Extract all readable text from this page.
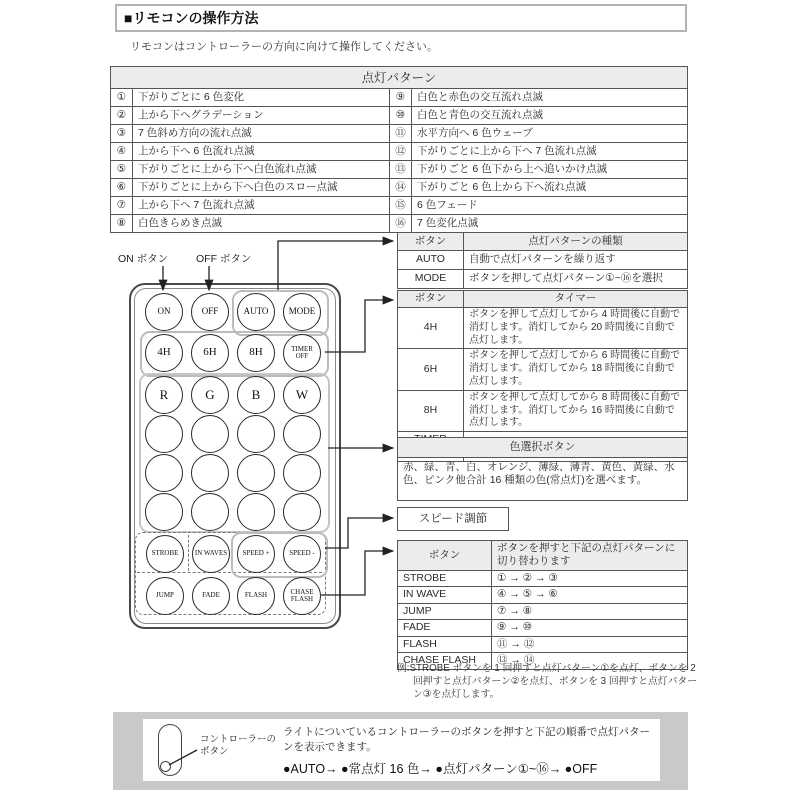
■リモコンの操作方法
リモコンはコントローラーの方向に向けて操作してください。
点灯パターン			
①	下がりごとに 6 色変化	⑨	白色と赤色の交互流れ点滅
②	上から下へグラデーション	⑩	白色と青色の交互流れ点滅
③	7 色斜め方向の流れ点滅	⑪	水平方向へ 6 色ウェーブ
④	上から下へ 6 色流れ点滅	⑫	下がりごとに上から下へ 7 色流れ点滅
⑤	下がりごとに上から下へ白色流れ点滅	⑬	下がりごと 6 色下から上へ追いかけ点滅
⑥	下がりごとに上から下へ白色のスロー点滅	⑭	下がりごと 6 色上から下へ流れ点滅
⑦	上から下へ 7 色流れ点滅	⑮	6 色フェード
⑧	白色きらめき点滅	⑯	7 色変化点滅
ON ボタン	OFF ボタン
ON	OFF	AUTO	MODE
4H	6H	8H	TIMER OFF
R	G	B	W
STROBE	IN WAVES	SPEED +	SPEED -
JUMP	FADE	FLASH	CHASE FLASH
ボタン	点灯パターンの種類
AUTO	自動で点灯パターンを繰り返す
MODE	ボタンを押して点灯パターン①~⑯を選択
ボタン	タイマー
4H	ボタンを押して点灯してから 4 時間後に自動で消灯します。消灯してから 20 時間後に自動で点灯します。
6H	ボタンを押して点灯してから 6 時間後に自動で消灯します。消灯してから 18 時間後に自動で点灯します。
8H	ボタンを押して点灯してから 8 時間後に自動で消灯します。消灯してから 16 時間後に自動で点灯します。

色選択ボタン
赤、緑、青、白、オレンジ、薄緑、薄青、黄色、黄緑、水色、ピンク他合計 16 種類の色(常点灯)を選べます。
スピード調節
ボタン	ボタンを押すと下記の点灯パターンに切り替わります
STROBE	① → ② → ③
IN WAVE	④ → ⑤ → ⑥
JUMP	⑦ → ⑧
FADE	⑨ → ⑩
FLASH	⑪ → ⑫
CHASE FLASH	⑬ → ⑭
例:STROBE ボタンを 1 回押すと点灯パターン①を点灯、ボタンを 2 回押すと点灯パターン②を点灯、ボタンを 3 回押すと点灯パターン③を点灯します。
コントローラーのボタン
ライトについているコントローラーのボタンを押すと下記の順番で点灯パターンを表示できます。
●AUTO→ ●常点灯 16 色→ ●点灯パターン①~⑯→ ●OFF
